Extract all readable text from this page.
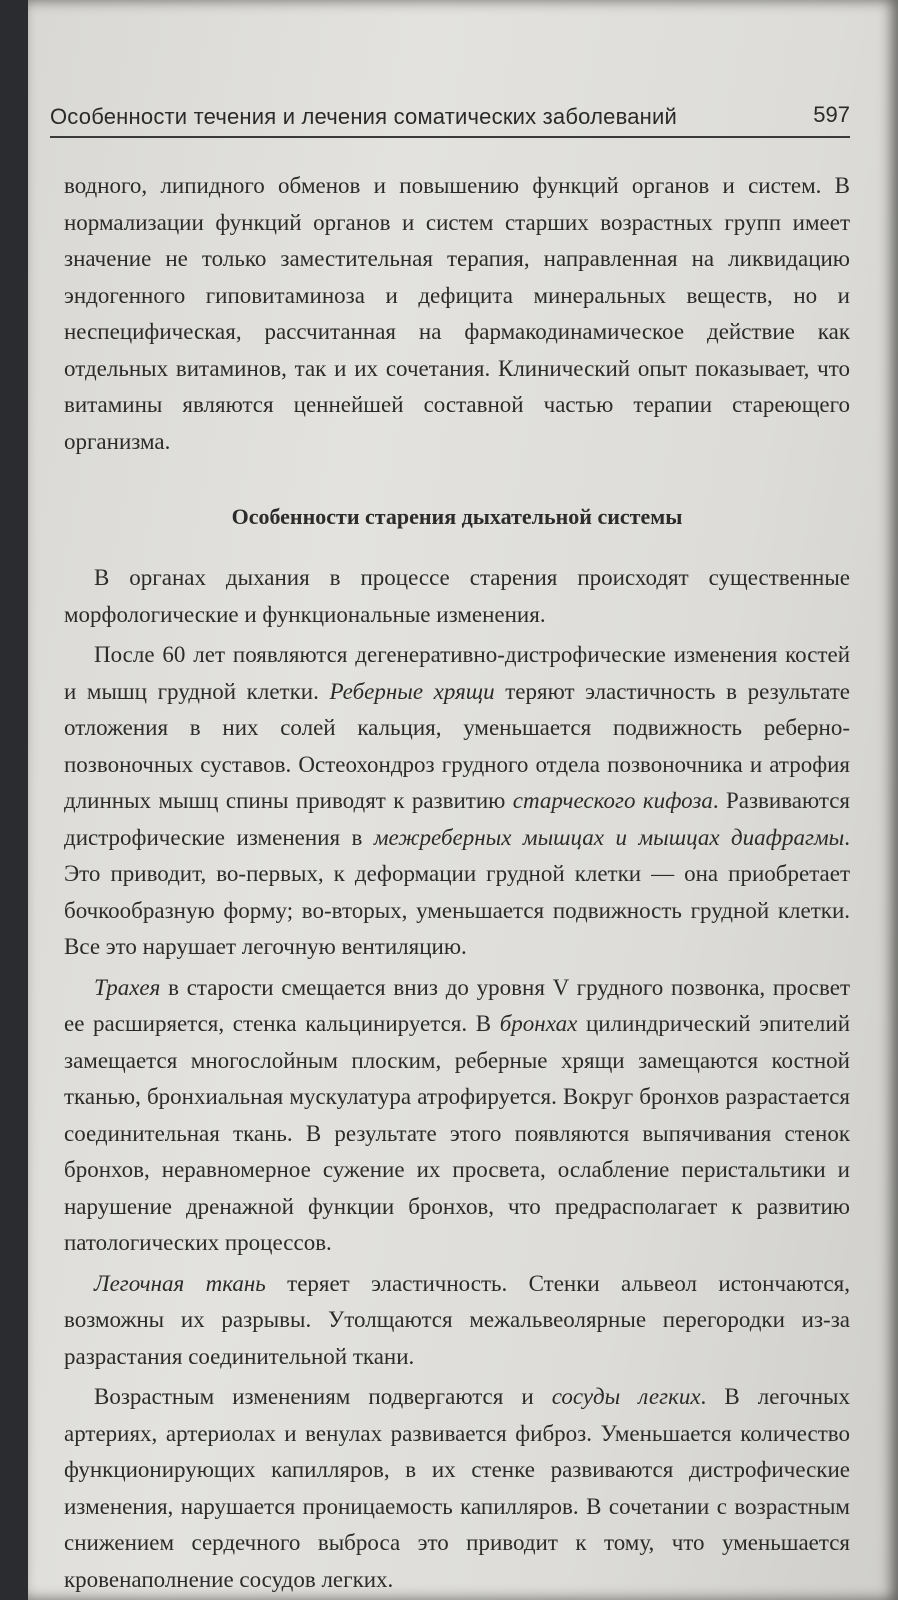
Особенности течения и лечения соматических заболеваний	597

водного, липидного обменов и повышению функций органов и систем. В нормализации функций органов и систем старших возрастных групп имеет значение не только заместительная терапия, направленная на ликвидацию эндогенного гиповитаминоза и дефицита минеральных веществ, но и неспецифическая, рассчитанная на фармакодинамическое действие как отдельных витаминов, так и их сочетания. Клинический опыт показывает, что витамины являются ценнейшей составной частью терапии стареющего организма.

Особенности старения дыхательной системы

В органах дыхания в процессе старения происходят существенные морфологические и функциональные изменения.

После 60 лет появляются дегенеративно-дистрофические изменения костей и мышц грудной клетки. Реберные хрящи теряют эластичность в результате отложения в них солей кальция, уменьшается подвижность реберно-позвоночных суставов. Остеохондроз грудного отдела позвоночника и атрофия длинных мышц спины приводят к развитию старческого кифоза. Развиваются дистрофические изменения в межреберных мышцах и мышцах диафрагмы. Это приводит, во-первых, к деформации грудной клетки — она приобретает бочкообразную форму; во-вторых, уменьшается подвижность грудной клетки. Все это нарушает легочную вентиляцию.

Трахея в старости смещается вниз до уровня V грудного позвонка, просвет ее расширяется, стенка кальцинируется. В бронхах цилиндрический эпителий замещается многослойным плоским, реберные хрящи замещаются костной тканью, бронхиальная мускулатура атрофируется. Вокруг бронхов разрастается соединительная ткань. В результате этого появляются выпячивания стенок бронхов, неравномерное сужение их просвета, ослабление перистальтики и нарушение дренажной функции бронхов, что предрасполагает к развитию патологических процессов.

Легочная ткань теряет эластичность. Стенки альвеол истончаются, возможны их разрывы. Утолщаются межальвеолярные перегородки из-за разрастания соединительной ткани.

Возрастным изменениям подвергаются и сосуды легких. В легочных артериях, артериолах и венулах развивается фиброз. Уменьшается количество функционирующих капилляров, в их стенке развиваются дистрофические изменения, нарушается проницаемость капилляров. В сочетании с возрастным снижением сердечного выброса это приводит к тому, что уменьшается кровенаполнение сосудов легких.
